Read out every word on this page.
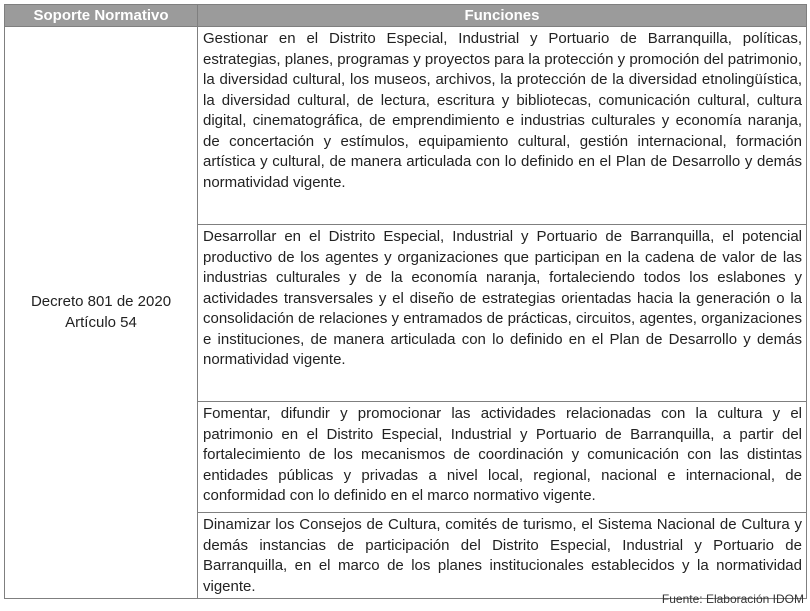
Soporte Normativo	Funciones

Decreto 801 de 2020
Artículo 54	Gestionar en el Distrito Especial, Industrial y Portuario de Barranquilla, políticas, estrategias, planes, programas y proyectos para la protección y promoción del patrimonio, la diversidad cultural, los museos, archivos, la protección de la diversidad etnolingüística, la diversidad cultural, de lectura, escritura y bibliotecas, comunicación cultural, cultura digital, cinematográfica, de emprendimiento e industrias culturales y economía naranja, de concertación y estímulos, equipamiento cultural, gestión internacional, formación artística y cultural, de manera articulada con lo definido en el Plan de Desarrollo y demás normatividad vigente.
	Desarrollar en el Distrito Especial, Industrial y Portuario de Barranquilla, el potencial productivo de los agentes y organizaciones que participan en la cadena de valor de las industrias culturales y de la economía naranja, fortaleciendo todos los eslabones y actividades transversales y el diseño de estrategias orientadas hacia la generación o la consolidación de relaciones y entramados de prácticas, circuitos, agentes, organizaciones e instituciones, de manera articulada con lo definido en el Plan de Desarrollo y demás normatividad vigente.
	Fomentar, difundir y promocionar las actividades relacionadas con la cultura y el patrimonio en el Distrito Especial, Industrial y Portuario de Barranquilla, a partir del fortalecimiento de los mecanismos de coordinación y comunicación con las distintas entidades públicas y privadas a nivel local, regional, nacional e internacional, de conformidad con lo definido en el marco normativo vigente.
	Dinamizar los Consejos de Cultura, comités de turismo, el Sistema Nacional de Cultura y demás instancias de participación del Distrito Especial, Industrial y Portuario de Barranquilla, en el marco de los planes institucionales establecidos y la normatividad vigente.
Fuente: Elaboración IDOM
